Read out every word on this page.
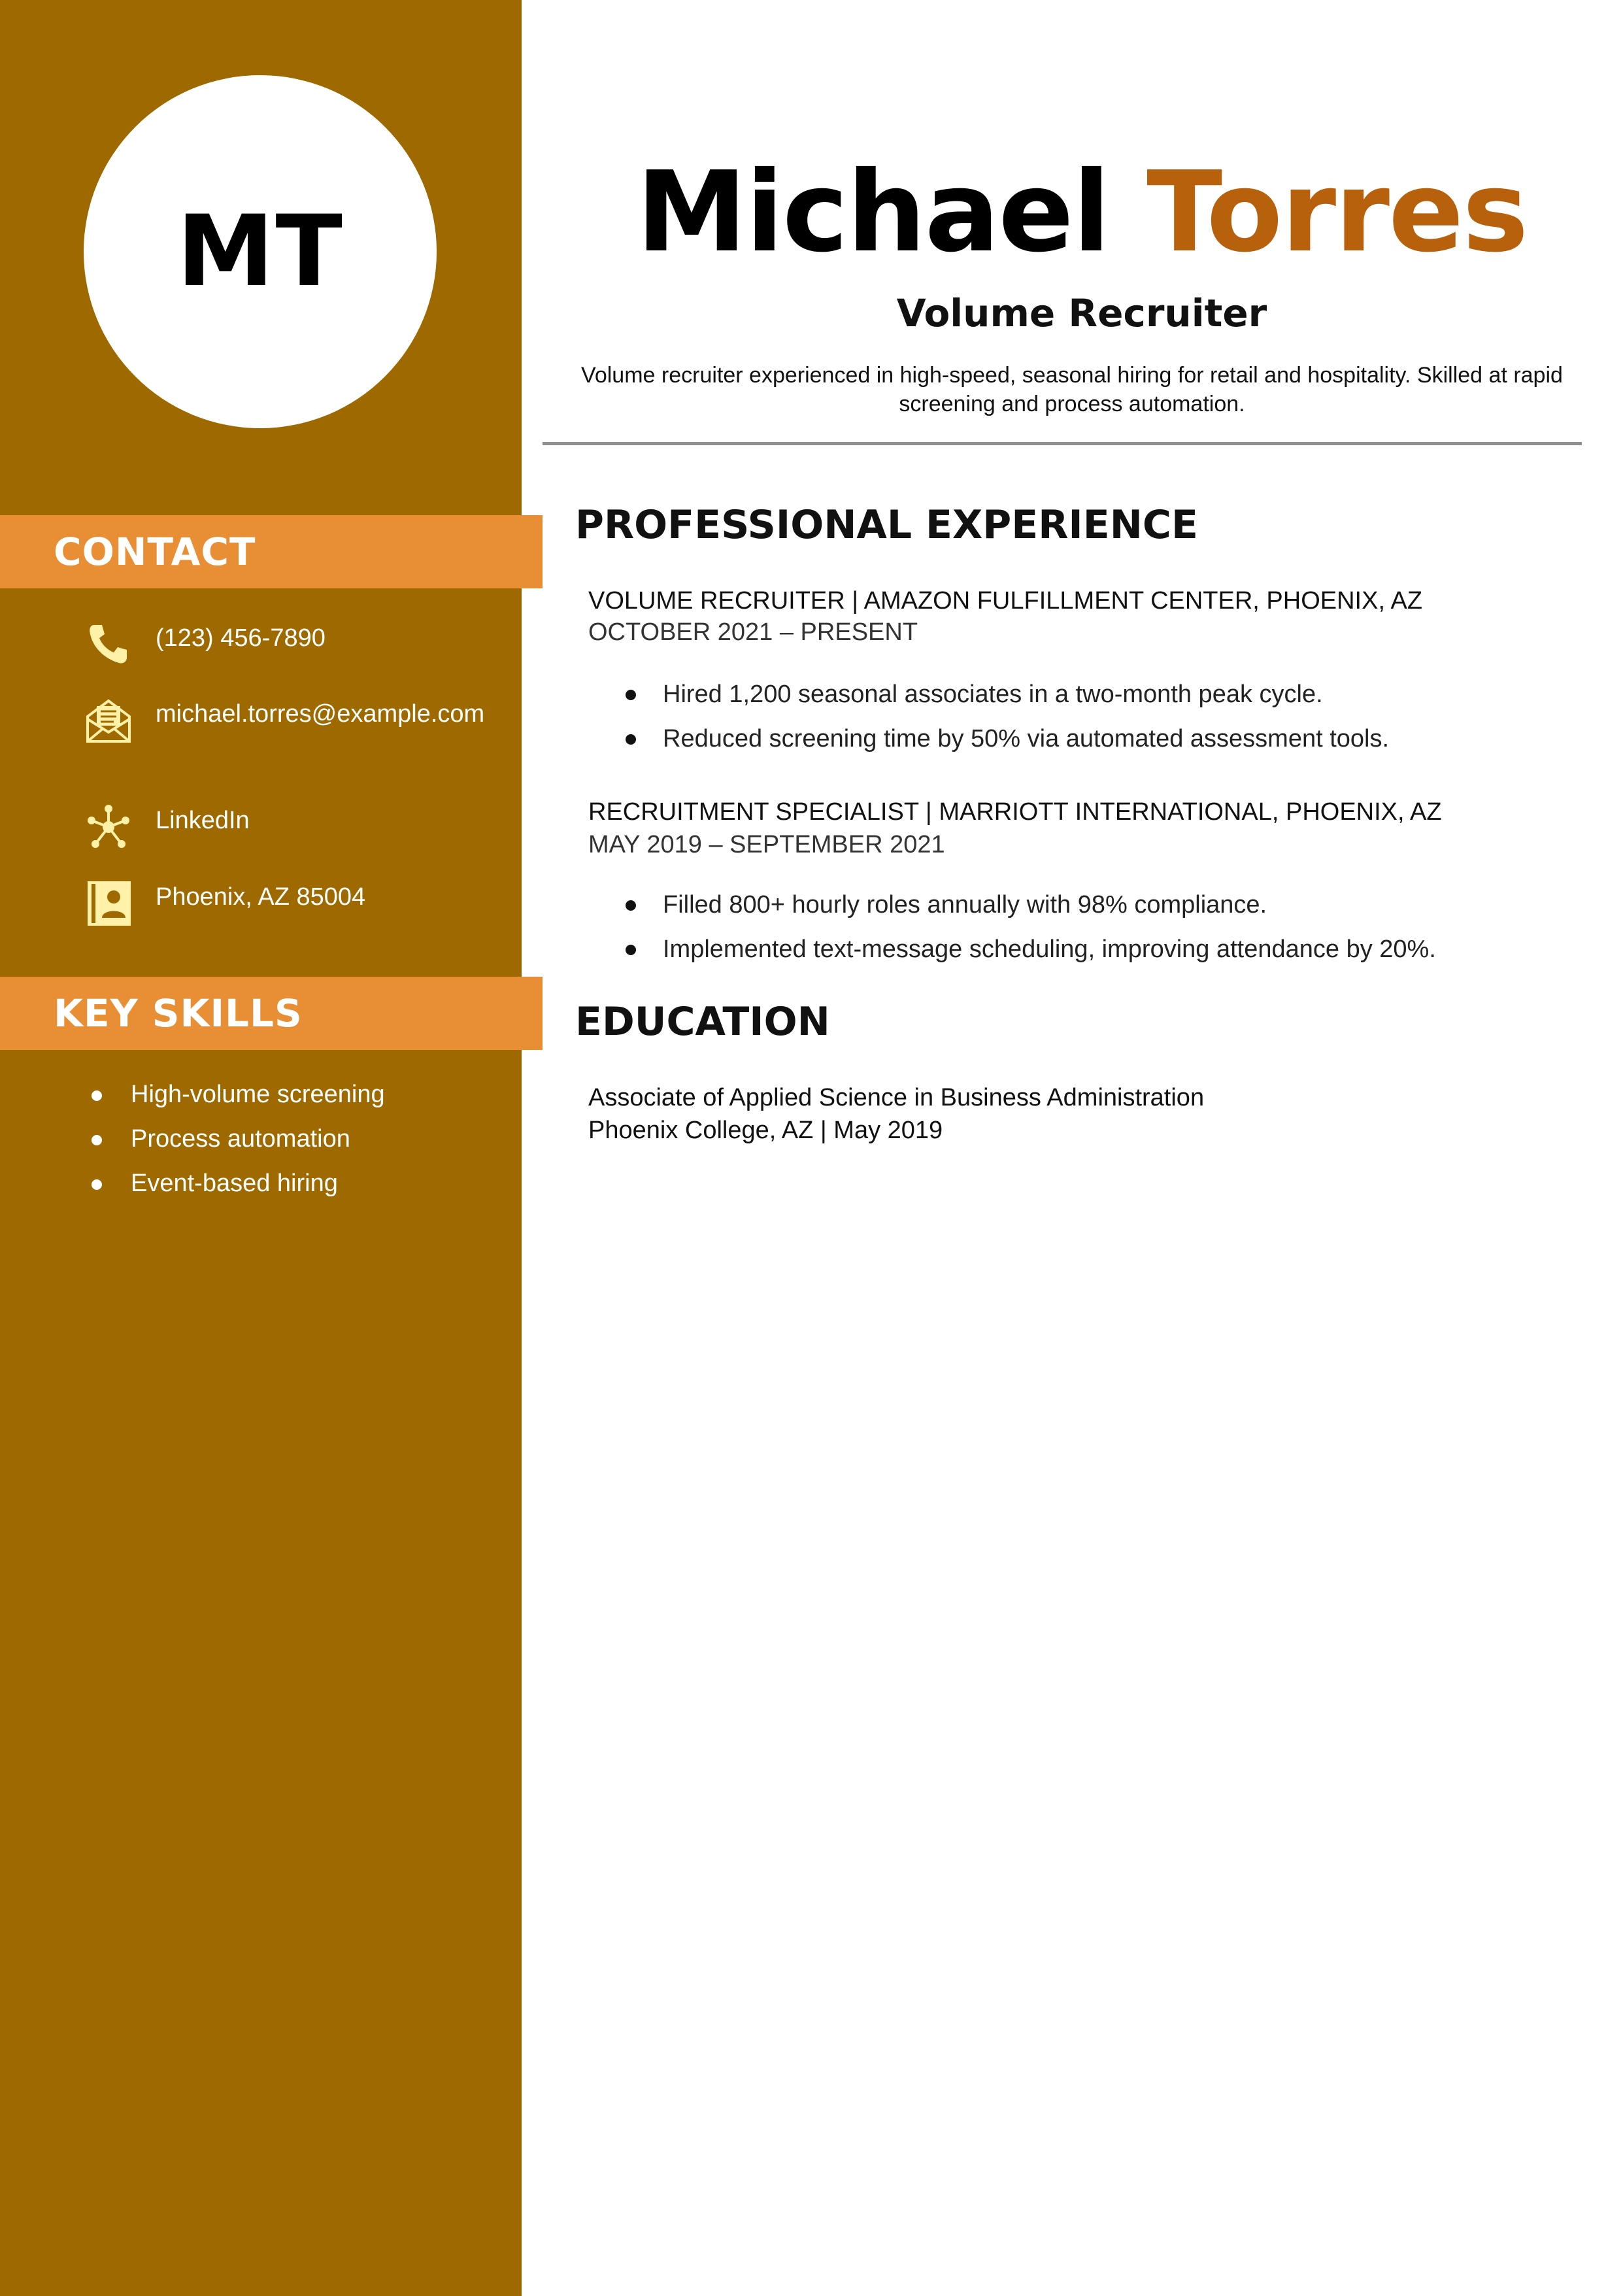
MT
CONTACT
(123) 456-7890
michael.torres@example.com
LinkedIn
Phoenix, AZ 85004
KEY SKILLS
High-volume screening
Process automation
Event-based hiring
Michael Torres
Volume Recruiter
Volume recruiter experienced in high-speed, seasonal hiring for retail and hospitality. Skilled at rapid screening and process automation.
PROFESSIONAL EXPERIENCE
VOLUME RECRUITER | AMAZON FULFILLMENT CENTER, PHOENIX, AZ
OCTOBER 2021 – PRESENT
Hired 1,200 seasonal associates in a two-month peak cycle.
Reduced screening time by 50% via automated assessment tools.
RECRUITMENT SPECIALIST | MARRIOTT INTERNATIONAL, PHOENIX, AZ
MAY 2019 – SEPTEMBER 2021
Filled 800+ hourly roles annually with 98% compliance.
Implemented text-message scheduling, improving attendance by 20%.
EDUCATION
Associate of Applied Science in Business Administration
Phoenix College, AZ | May 2019
